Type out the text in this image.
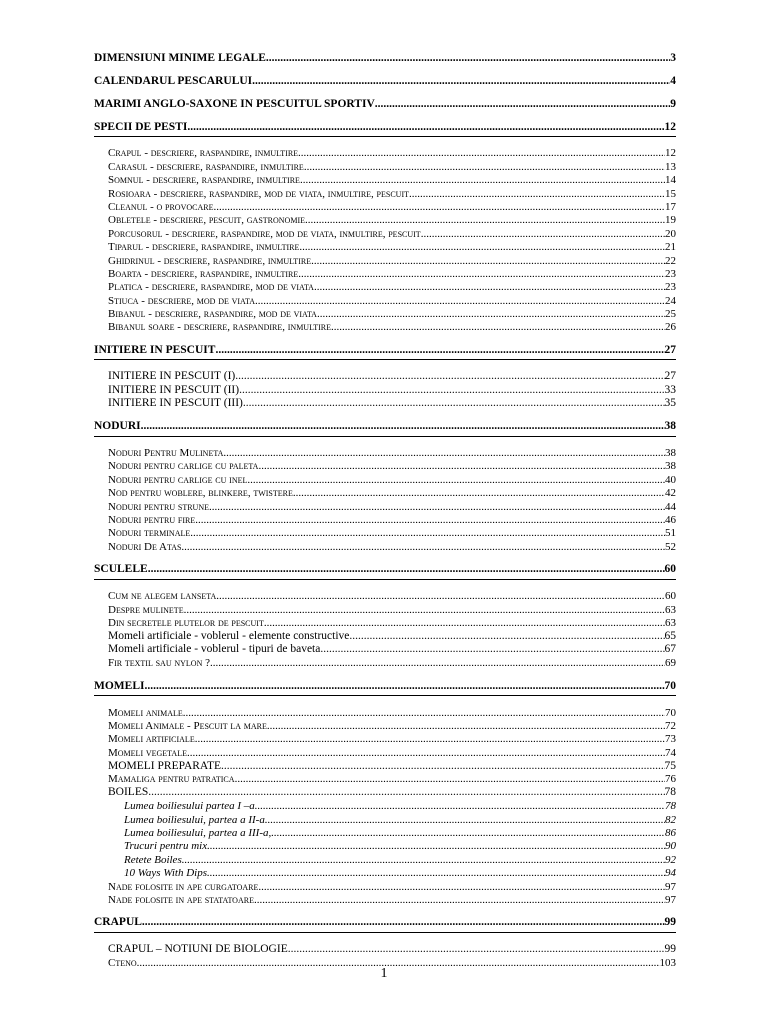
DIMENSIUNI MINIME LEGALE .....	3
CALENDARUL PESCARULUI .....	4
MARIMI ANGLO-SAXONE IN PESCUITUL SPORTIV .....	9
SPECII DE PESTI .....	12
Crapul - descriere, raspandire, inmultire .....	12
Carasul - descriere, raspandire, inmultire .....	13
Somnul - descriere, raspandire, inmultire .....	14
Rosioara - descriere, raspandire, mod de viata, inmultire, pescuit .....	15
Cleanul - o provocare .....	17
Obletele - descriere, pescuit, gastronomie .....	19
Porcusorul - descriere, raspandire, mod de viata, inmultire, pescuit .....	20
Tiparul - descriere, raspandire, inmultire .....	21
Ghidrinul - descriere, raspandire, inmultire .....	22
Boarta - descriere, raspandire, inmultire .....	23
Platica - descriere, raspandire, mod de viata .....	23
Stiuca - descriere, mod de viata .....	24
Bibanul - descriere, raspandire, mod de viata .....	25
Bibanul soare - descriere, raspandire, inmultire .....	26
INITIERE IN PESCUIT .....	27
INITIERE IN PESCUIT (I) .....	27
INITIERE IN PESCUIT (II) .....	33
INITIERE IN PESCUIT (III) .....	35
NODURI .....	38
Noduri Pentru Mulineta .....	38
Noduri pentru carlige cu paleta .....	38
Noduri pentru carlige cu inel .....	40
Nod pentru woblere, blinkere, twistere .....	42
Noduri pentru strune .....	44
Noduri pentru fire .....	46
Noduri terminale .....	51
Noduri De Atas .....	52
SCULELE .....	60
Cum ne alegem lanseta .....	60
Despre mulinete .....	63
Din secretele plutelor de pescuit .....	63
Momeli artificiale - voblerul - elemente constructive .....	65
Momeli artificiale - voblerul - tipuri de baveta .....	67
Fir textil sau nylon ? .....	69
MOMELI .....	70
Momeli animale .....	70
Momeli Animale - Pescuit la mare .....	72
Momeli artificiale .....	73
Momeli vegetale .....	74
MOMELI PREPARATE .....	75
Mamaliga pentru patratica .....	76
BOILES .....	78
Lumea boiliesului partea I –a .....	78
Lumea boiliesului, partea a II-a .....	82
Lumea boiliesului, partea a III-a, .....	86
Trucuri pentru mix .....	90
Retete Boiles .....	92
10 Ways With Dips .....	94
Nade folosite in ape curgatoare .....	97
Nade folosite in ape statatoare .....	97
CRAPUL .....	99
CRAPUL – NOTIUNI DE BIOLOGIE .....	99
Cteno .....	103
1
